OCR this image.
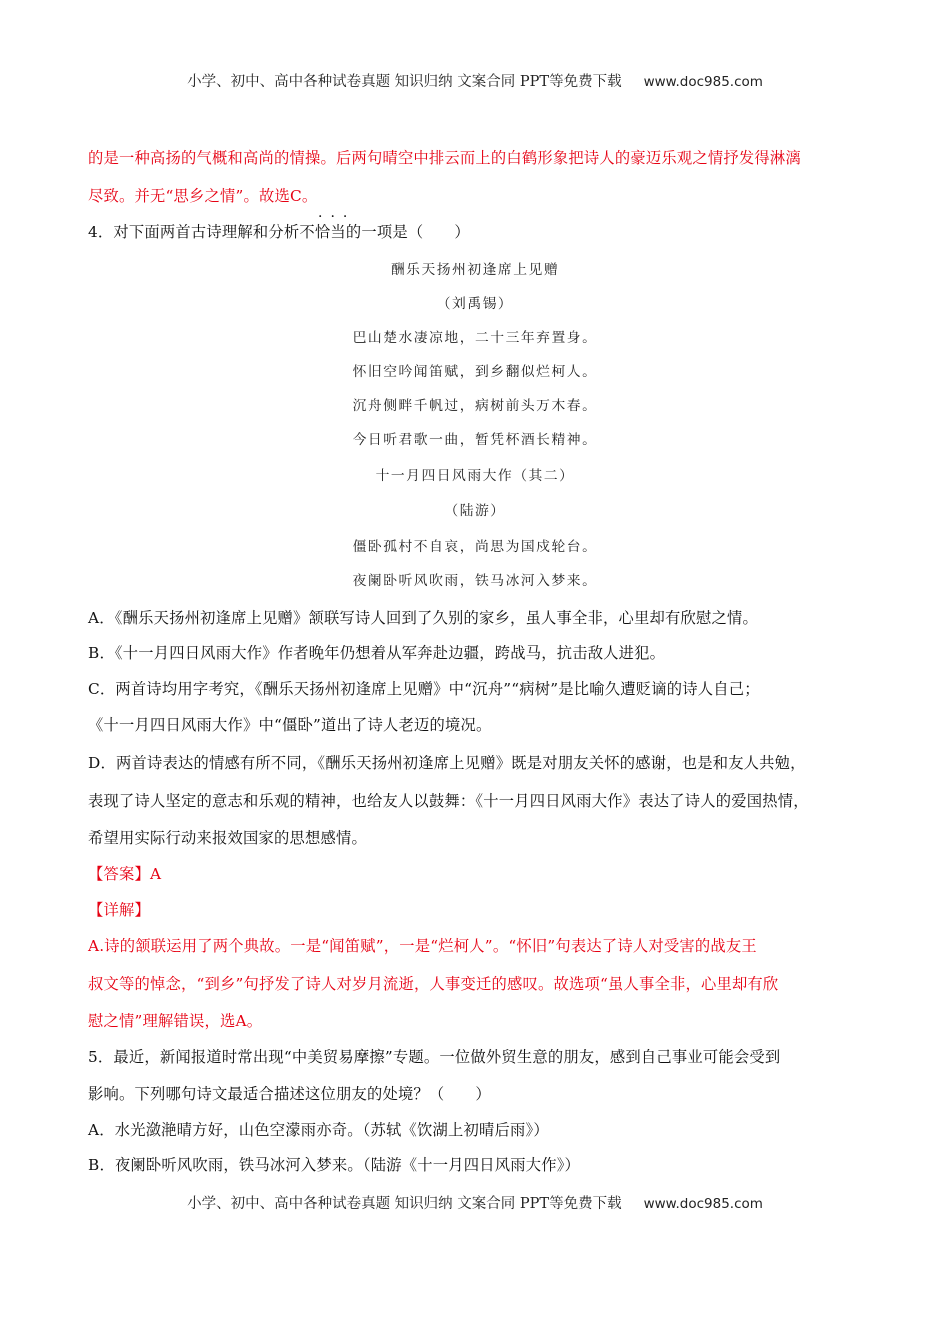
小学、初中、高中各种试卷真题 知识归纳 文案合同 PPT等免费下载 www.doc985.com
的是一种高扬的气概和高尚的情操。后两句晴空中排云而上的白鹤形象把诗人的豪迈乐观之情抒发得淋漓
尽致。并无“思乡之情”。故选C。
···
4．对下面两首古诗理解和分析不恰当的一项是（　　）
酬乐天扬州初逢席上见赠
（刘禹锡）
巴山楚水凄凉地，二十三年弃置身。
怀旧空吟闻笛赋，到乡翻似烂柯人。
沉舟侧畔千帆过，病树前头万木春。
今日听君歌一曲，暂凭杯酒长精神。
十一月四日风雨大作（其二）
（陆游）
僵卧孤村不自哀，尚思为国戍轮台。
夜阑卧听风吹雨，铁马冰河入梦来。
A．《酬乐天扬州初逢席上见赠》颔联写诗人回到了久别的家乡，虽人事全非，心里却有欣慰之情。
B．《十一月四日风雨大作》作者晚年仍想着从军奔赴边疆，跨战马，抗击敌人进犯。
C．两首诗均用字考究，《酬乐天扬州初逢席上见赠》中“沉舟”“病树”是比喻久遭贬谪的诗人自己；
《十一月四日风雨大作》中“僵卧”道出了诗人老迈的境况。
D．两首诗表达的情感有所不同，《酬乐天扬州初逢席上见赠》既是对朋友关怀的感谢，也是和友人共勉，
表现了诗人坚定的意志和乐观的精神，也给友人以鼓舞：《十一月四日风雨大作》表达了诗人的爱国热情，
希望用实际行动来报效国家的思想感情。
【答案】A
【详解】
A.诗的颔联运用了两个典故。一是“闻笛赋”，一是“烂柯人”。“怀旧”句表达了诗人对受害的战友王
叔文等的悼念，“到乡”句抒发了诗人对岁月流逝，人事变迁的感叹。故选项“虽人事全非，心里却有欣
慰之情”理解错误，选A。
5．最近，新闻报道时常出现“中美贸易摩擦”专题。一位做外贸生意的朋友，感到自己事业可能会受到
影响。下列哪句诗文最适合描述这位朋友的处境？（　　）
A．水光潋滟晴方好，山色空濛雨亦奇。（苏轼《饮湖上初晴后雨》）
B．夜阑卧听风吹雨，铁马冰河入梦来。（陆游《十一月四日风雨大作》）
小学、初中、高中各种试卷真题 知识归纳 文案合同 PPT等免费下载 www.doc985.com
